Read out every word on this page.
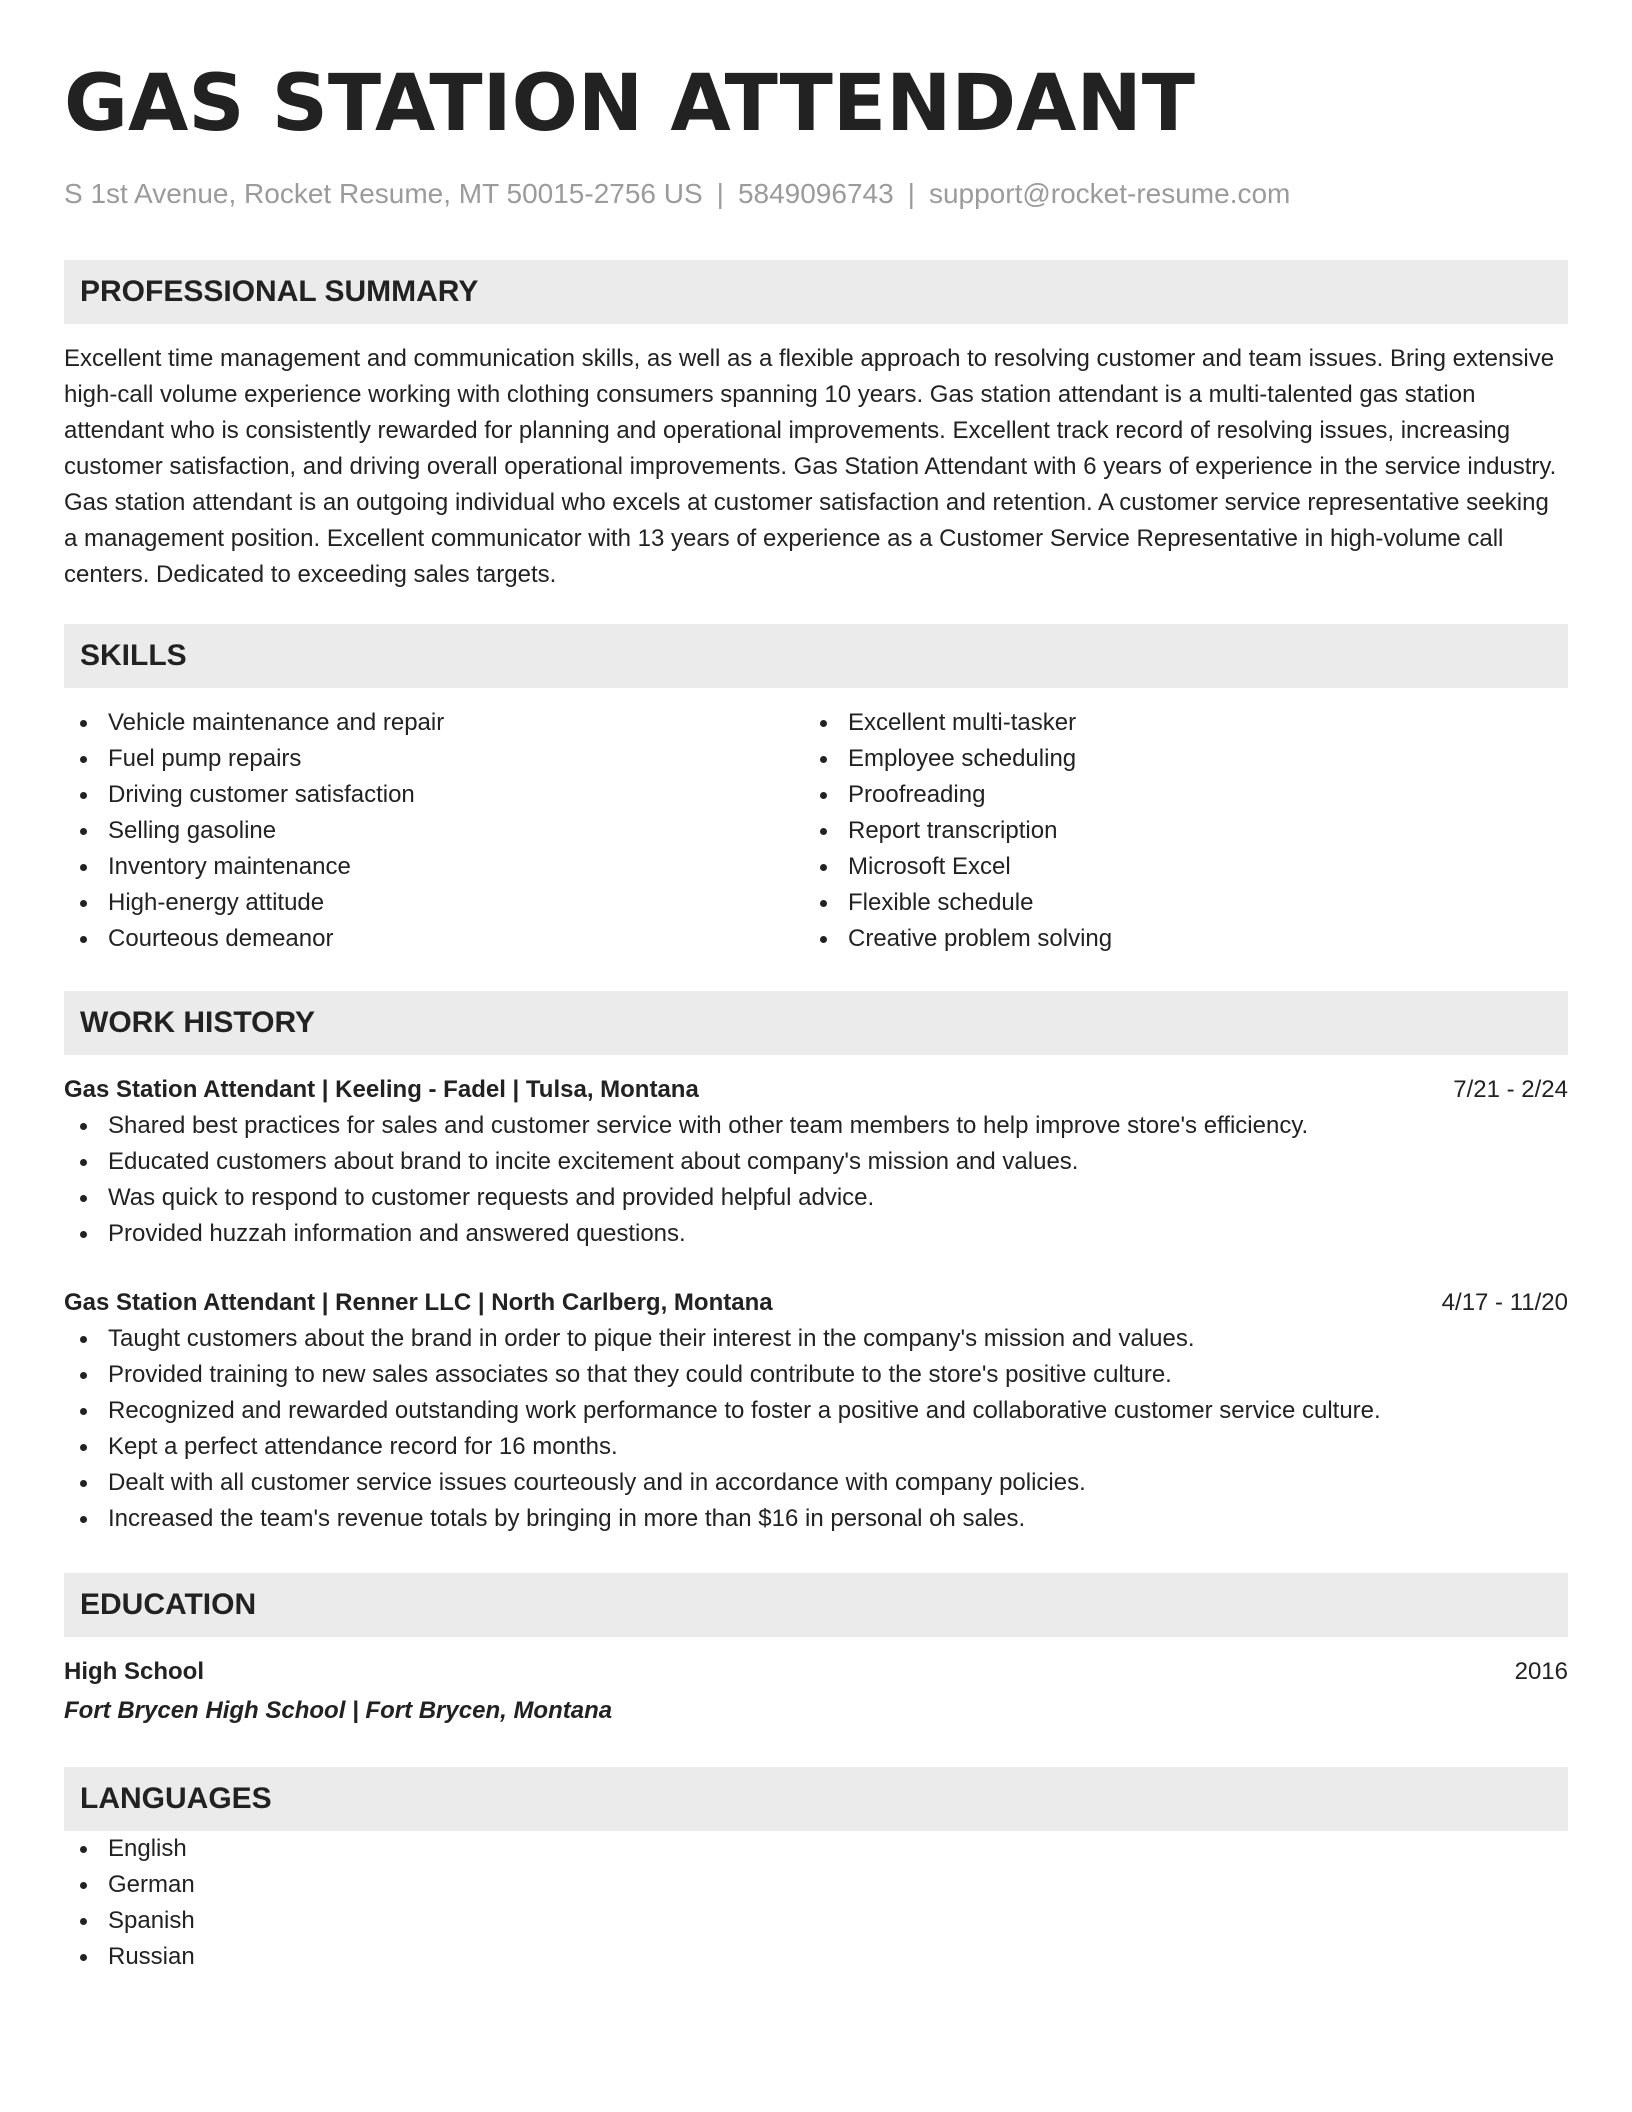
GAS STATION ATTENDANT
S 1st Avenue, Rocket Resume, MT 50015-2756 US | 5849096743 | support@rocket-resume.com
PROFESSIONAL SUMMARY

Excellent time management and communication skills, as well as a flexible approach to resolving customer and team issues. Bring extensive high-call volume experience working with clothing consumers spanning 10 years. Gas station attendant is a multi-talented gas station attendant who is consistently rewarded for planning and operational improvements. Excellent track record of resolving issues, increasing customer satisfaction, and driving overall operational improvements. Gas Station Attendant with 6 years of experience in the service industry. Gas station attendant is an outgoing individual who excels at customer satisfaction and retention. A customer service representative seeking a management position. Excellent communicator with 13 years of experience as a Customer Service Representative in high-volume call centers. Dedicated to exceeding sales targets.

SKILLS
Vehicle maintenance and repair
Fuel pump repairs
Driving customer satisfaction
Selling gasoline
Inventory maintenance
High-energy attitude
Courteous demeanor
Excellent multi-tasker
Employee scheduling
Proofreading
Report transcription
Microsoft Excel
Flexible schedule
Creative problem solving
WORK HISTORY
Gas Station Attendant | Keeling - Fadel | Tulsa, Montana	7/21 - 2/24
Shared best practices for sales and customer service with other team members to help improve store's efficiency.
Educated customers about brand to incite excitement about company's mission and values.
Was quick to respond to customer requests and provided helpful advice.
Provided huzzah information and answered questions.
Gas Station Attendant | Renner LLC | North Carlberg, Montana	4/17 - 11/20
Taught customers about the brand in order to pique their interest in the company's mission and values.
Provided training to new sales associates so that they could contribute to the store's positive culture.
Recognized and rewarded outstanding work performance to foster a positive and collaborative customer service culture.
Kept a perfect attendance record for 16 months.
Dealt with all customer service issues courteously and in accordance with company policies.
Increased the team's revenue totals by bringing in more than $16 in personal oh sales.
EDUCATION
High School	2016
Fort Brycen High School | Fort Brycen, Montana
LANGUAGES
English
German
Spanish
Russian
